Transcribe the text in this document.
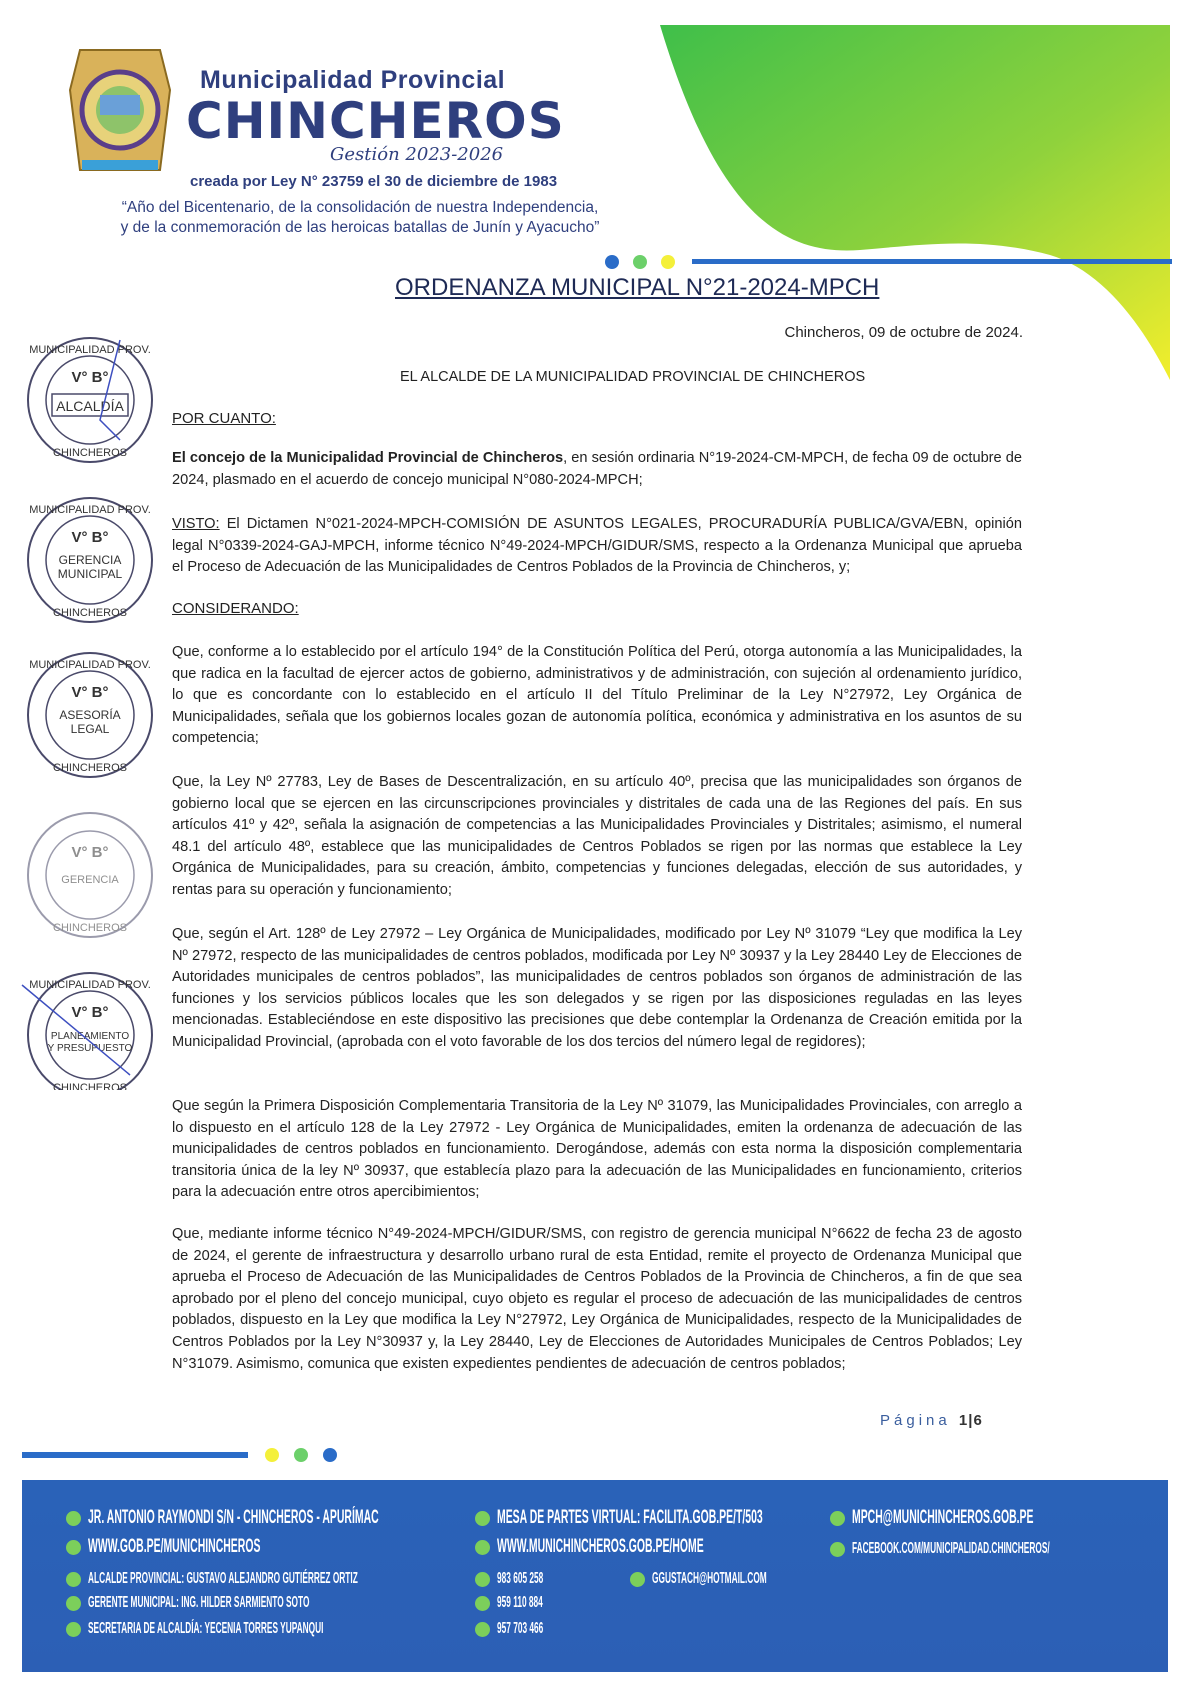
Municipalidad Provincial
CHINCHEROS
Gestión 2023-2026
creada por Ley N° 23759 el 30 de diciembre de 1983
“Año del Bicentenario, de la consolidación de nuestra Independencia,
y de la conmemoración de las heroicas batallas de Junín y Ayacucho”
ORDENANZA MUNICIPAL N°21-2024-MPCH
Chincheros, 09 de octubre de 2024.
EL ALCALDE DE LA MUNICIPALIDAD PROVINCIAL DE CHINCHEROS
POR CUANTO:
El concejo de la Municipalidad Provincial de Chincheros, en sesión ordinaria N°19-2024-CM-MPCH, de fecha 09 de octubre de 2024, plasmado en el acuerdo de concejo municipal N°080-2024-MPCH;
VISTO: El Dictamen N°021-2024-MPCH-COMISIÓN DE ASUNTOS LEGALES, PROCURADURÍA PUBLICA/GVA/EBN, opinión legal N°0339-2024-GAJ-MPCH, informe técnico N°49-2024-MPCH/GIDUR/SMS, respecto a la Ordenanza Municipal que aprueba el Proceso de Adecuación de las Municipalidades de Centros Poblados de la Provincia de Chincheros, y;
CONSIDERANDO:
Que, conforme a lo establecido por el artículo 194° de la Constitución Política del Perú, otorga autonomía a las Municipalidades, la que radica en la facultad de ejercer actos de gobierno, administrativos y de administración, con sujeción al ordenamiento jurídico, lo que es concordante con lo establecido en el artículo II del Título Preliminar de la Ley N°27972, Ley Orgánica de Municipalidades, señala que los gobiernos locales gozan de autonomía política, económica y administrativa en los asuntos de su competencia;
Que, la Ley Nº 27783, Ley de Bases de Descentralización, en su artículo 40º, precisa que las municipalidades son órganos de gobierno local que se ejercen en las circunscripciones provinciales y distritales de cada una de las Regiones del país. En sus artículos 41º y 42º, señala la asignación de competencias a las Municipalidades Provinciales y Distritales; asimismo, el numeral 48.1 del artículo 48º, establece que las municipalidades de Centros Poblados se rigen por las normas que establece la Ley Orgánica de Municipalidades, para su creación, ámbito, competencias y funciones delegadas, elección de sus autoridades, y rentas para su operación y funcionamiento;
Que, según el Art. 128º de Ley 27972 – Ley Orgánica de Municipalidades, modificado por Ley Nº 31079 “Ley que modifica la Ley Nº 27972, respecto de las municipalidades de centros poblados, modificada por Ley Nº 30937 y la Ley 28440 Ley de Elecciones de Autoridades municipales de centros poblados”, las municipalidades de centros poblados son órganos de administración de las funciones y los servicios públicos locales que les son delegados y se rigen por las disposiciones reguladas en las leyes mencionadas. Estableciéndose en este dispositivo las precisiones que debe contemplar la Ordenanza de Creación emitida por la Municipalidad Provincial, (aprobada con el voto favorable de los dos tercios del número legal de regidores);
Que según la Primera Disposición Complementaria Transitoria de la Ley Nº 31079, las Municipalidades Provinciales, con arreglo a lo dispuesto en el artículo 128 de la Ley 27972 - Ley Orgánica de Municipalidades, emiten la ordenanza de adecuación de las municipalidades de centros poblados en funcionamiento. Derogándose, además con esta norma la disposición complementaria transitoria única de la ley Nº 30937, que establecía plazo para la adecuación de las Municipalidades en funcionamiento, criterios para la adecuación entre otros apercibimientos;
Que, mediante informe técnico N°49-2024-MPCH/GIDUR/SMS, con registro de gerencia municipal N°6622 de fecha 23 de agosto de 2024, el gerente de infraestructura y desarrollo urbano rural de esta Entidad, remite el proyecto de Ordenanza Municipal que aprueba el Proceso de Adecuación de las Municipalidades de Centros Poblados de la Provincia de Chincheros, a fin de que sea aprobado por el pleno del concejo municipal, cuyo objeto es regular el proceso de adecuación de las municipalidades de centros poblados, dispuesto en la Ley que modifica la Ley N°27972, Ley Orgánica de Municipalidades, respecto de la Municipalidades de Centros Poblados por la Ley N°30937 y, la Ley 28440, Ley de Elecciones de Autoridades Municipales de Centros Poblados; Ley N°31079. Asimismo, comunica que existen expedientes pendientes de adecuación de centros poblados;
Página 1|6
V° B°
ALCALDÍA
MUNICIPALIDAD PROV.
CHINCHEROS
V° B°
GERENCIA
MUNICIPAL
MUNICIPALIDAD PROV.
CHINCHEROS
V° B°
ASESORÍA
LEGAL
MUNICIPALIDAD PROV.
CHINCHEROS
V° B°
GERENCIA
CHINCHEROS
V° B°
PLANEAMIENTO
Y PRESUPUESTO
MUNICIPALIDAD PROV.
CHINCHEROS
JR. ANTONIO RAYMONDI S/N - CHINCHEROS - APURÍMAC	MESA DE PARTES VIRTUAL: FACILITA.GOB.PE/T/503	MPCH@MUNICHINCHEROS.GOB.PE
WWW.GOB.PE/MUNICHINCHEROS	WWW.MUNICHINCHEROS.GOB.PE/HOME	FACEBOOK.COM/MUNICIPALIDAD.CHINCHEROS/
ALCALDE PROVINCIAL: GUSTAVO ALEJANDRO GUTIÉRREZ ORTIZ	983 605 258	GGUSTACH@HOTMAIL.COM
GERENTE MUNICIPAL: ING. HILDER SARMIENTO SOTO	959 110 884
SECRETARIA DE ALCALDÍA: YECENIA TORRES YUPANQUI	957 703 466
